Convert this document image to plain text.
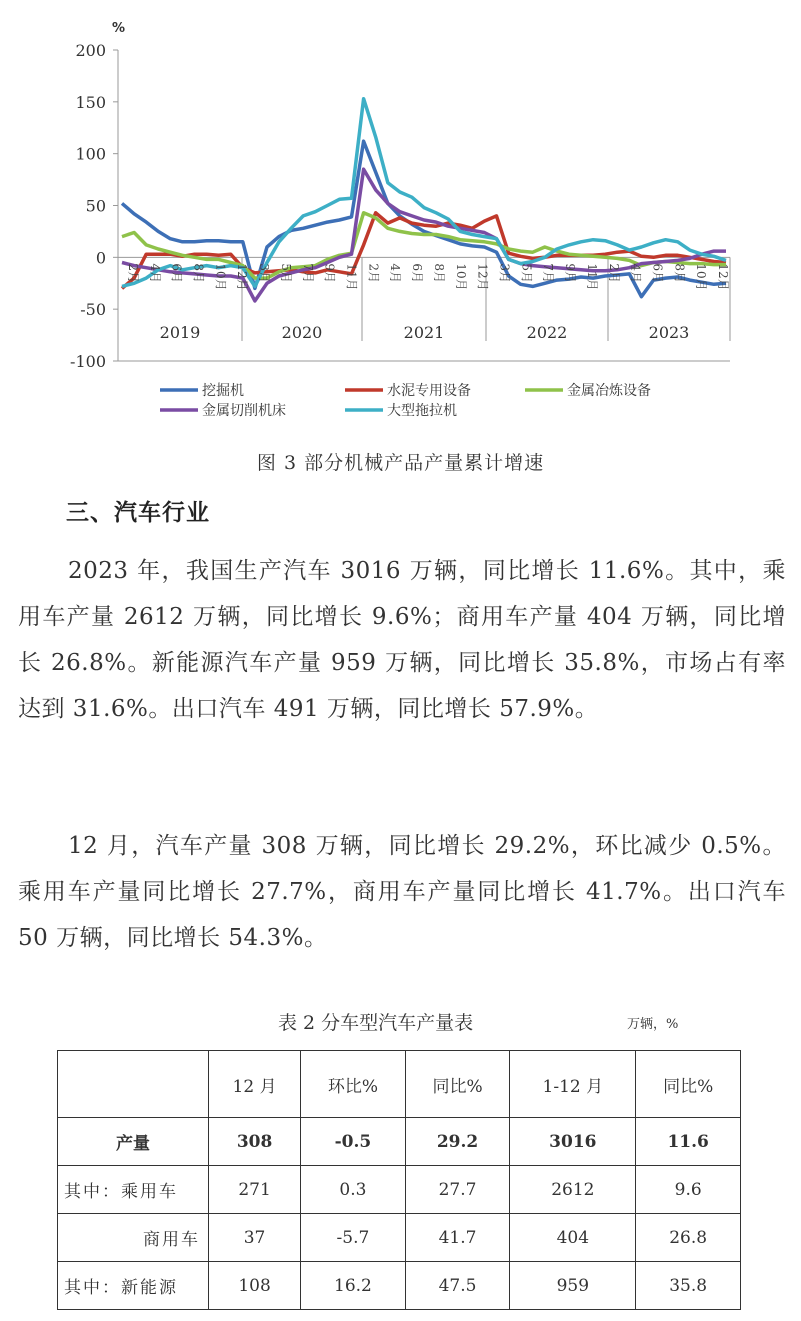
200
150
100
50
0
-50
-100
%
2019	2020	2021	2022	2023
2月 4月 6月 8月 10月 12月 3月 5月 7月 9月 11月 2月 4月 6月 8月 10月 12月 3月 5月 7月 9月 11月 2月 4月 6月 8月 10月 12月
挖掘机	水泥专用设备	金属冶炼设备
金属切削机床	大型拖拉机
图 3 部分机械产品产量累计增速
三、汽车行业

2023 年，我国生产汽车 3016 万辆，同比增长 11.6%。其中，乘用车产量 2612 万辆，同比增长 9.6%；商用车产量 404 万辆，同比增长 26.8%。新能源汽车产量 959 万辆，同比增长 35.8%，市场占有率达到 31.6%。出口汽车 491 万辆，同比增长 57.9%。

12 月，汽车产量 308 万辆，同比增长 29.2%，环比减少 0.5%。乘用车产量同比增长 27.7%，商用车产量同比增长 41.7%。出口汽车 50 万辆，同比增长 54.3%。

表 2 分车型汽车产量表	万辆，%
	12 月	环比%	同比%	1-12 月	同比%
产量	308	-0.5	29.2	3016	11.6
其中：乘用车	271	0.3	27.7	2612	9.6
商用车	37	-5.7	41.7	404	26.8
其中：新能源	108	16.2	47.5	959	35.8
